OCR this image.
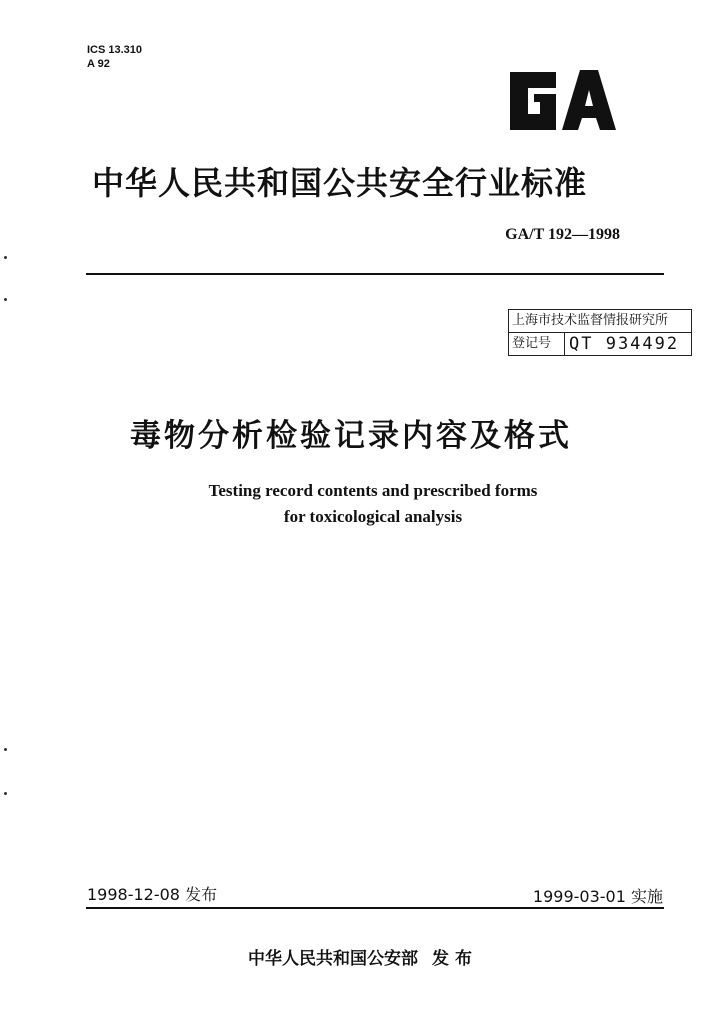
ICS 13.310
A 92
中华人民共和国公共安全行业标准
GA/T 192—1998
上海市技术监督情报研究所
登记号	QT 934492
毒物分析检验记录内容及格式
Testing record contents and prescribed forms
for toxicological analysis
1998-12-08 发布	1999-03-01 实施
中华人民共和国公安部 发布
